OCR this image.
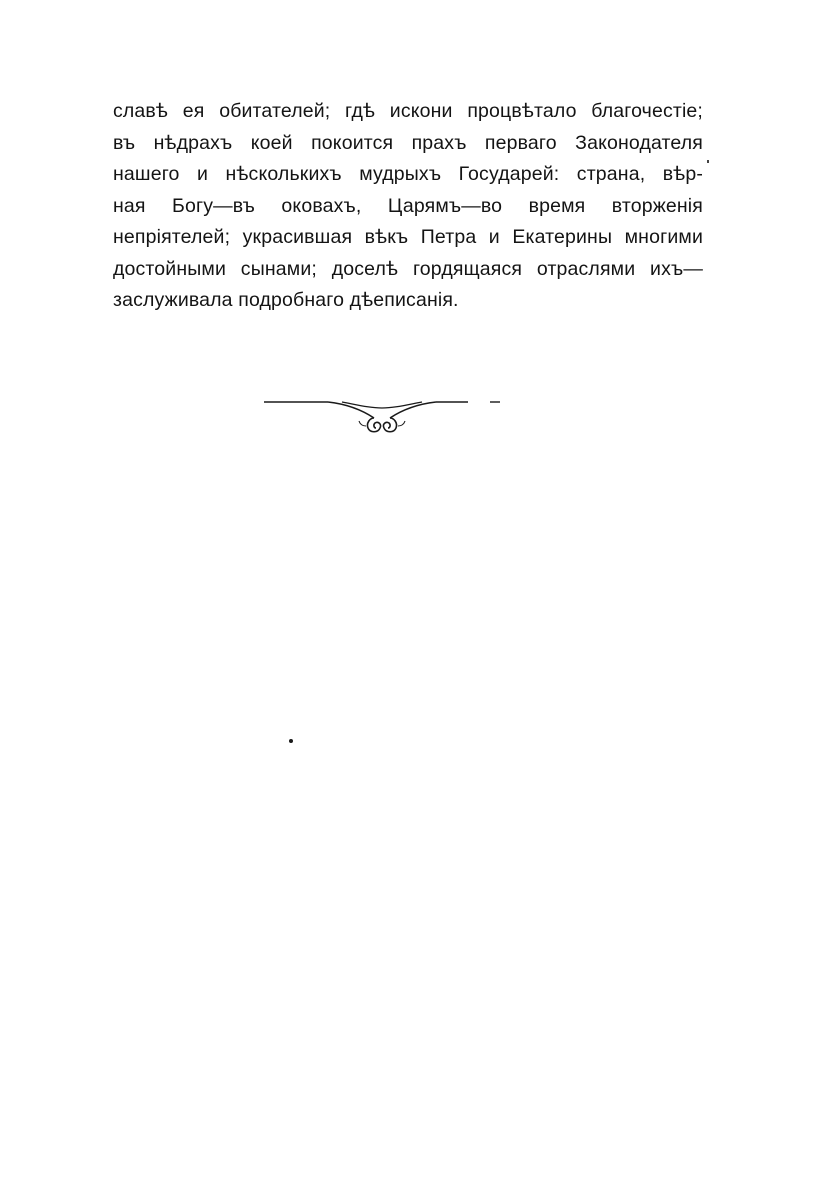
славѣ ея обитателей; гдѣ искони процвѣтало благочестіе;
въ нѣдрахъ коей покоится прахъ перваго Законодателя
нашего и нѣсколькихъ мудрыхъ Государей: страна, вѣр-
ная Богу—въ оковахъ, Царямъ—во время вторженія
непріятелей; украсившая вѣкъ Петра и Екатерины многими
достойными сынами; доселѣ гордящаяся отраслями ихъ—
заслуживала подробнаго дѣеписанія.
